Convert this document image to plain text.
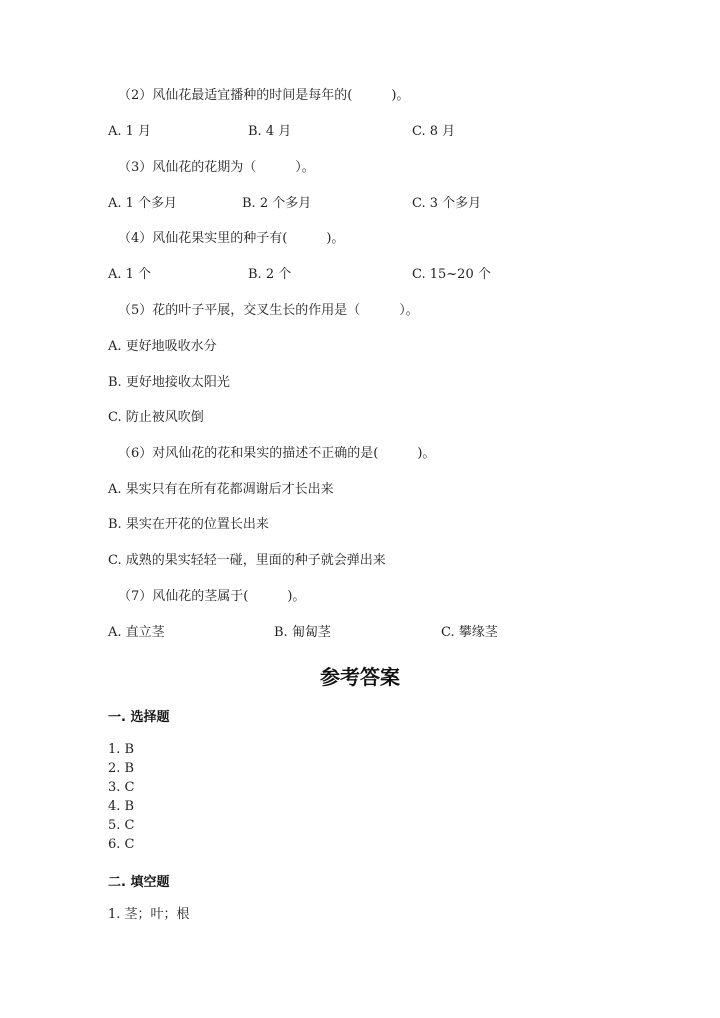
（2）风仙花最适宜播种的时间是每年的(　　　)。
A. 1 月	B. 4 月	C. 8 月
（3）风仙花的花期为（　　　）。
A. 1 个多月	B. 2 个多月	C. 3 个多月
（4）风仙花果实里的种子有(　　　)。
A. 1 个	B. 2 个	C. 15~20 个
（5）花的叶子平展，交叉生长的作用是（　　　）。
A. 更好地吸收水分
B. 更好地接收太阳光
C. 防止被风吹倒
（6）对风仙花的花和果实的描述不正确的是(　　　)。
A. 果实只有在所有花都凋谢后才长出来
B. 果实在开花的位置长出来
C. 成熟的果实轻轻一碰，里面的种子就会弹出来
（7）风仙花的茎属于(　　　)。
A. 直立茎	B. 匍匐茎	C. 攀缘茎
参考答案
一. 选择题
1. B
2. B
3. C
4. B
5. C
6. C
二. 填空题
1. 茎；叶；根
